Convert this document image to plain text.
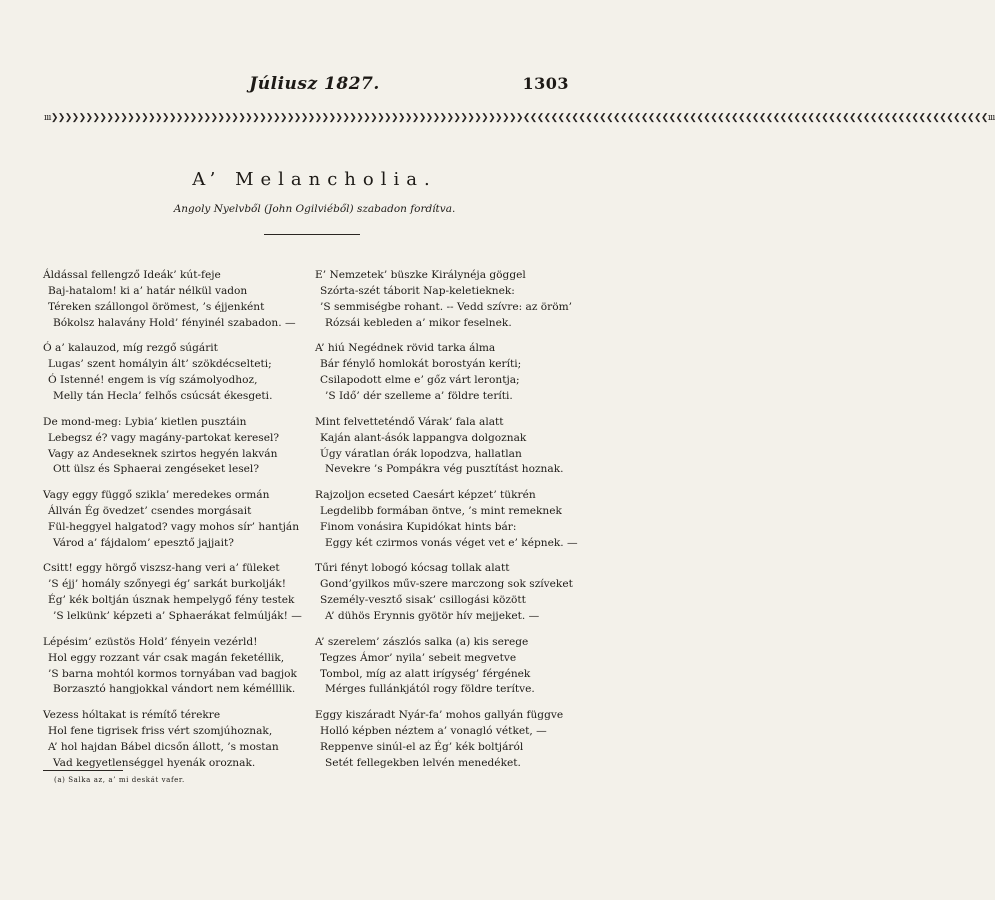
Júliusz 1827.	1303
ııı❯❯❯❯❯❯❯❯❯❯❯❯❯❯❯❯❯❯❯❯❯❯❯❯❯❯❯❯❯❯❯❯❯❯❯❯❯❯❯❯❯❯❯❯❯❯❯❯❯❯❯❯❯❯❯❯❯❯❯❯❯❯❯❯❯❯❯❯❮❮❮❮❮❮❮❮❮❮❮❮❮❮❮❮❮❮❮❮❮❮❮❮❮❮❮❮❮❮❮❮❮❮❮❮❮❮❮❮❮❮❮❮❮❮❮❮❮❮❮❮❮❮❮❮❮❮❮❮❮❮❮❮❮❮❮ııı
A’ Melancholia.
Angoly Nyelvből (John Ogilviéből) szabadon fordítva.
Áldással fellengző Ideák’ kút-feje
Baj-hatalom! ki a’ határ nélkül vadon
Téreken szállongol örömest, ’s éjjenként
Bókolsz halavány Hold’ fényinél szabadon. —
Ó a’ kalauzod, míg rezgő súgárit
Lugas’ szent homályin ált’ szökdécselteti;
Ó Istenné! engem is víg számolyodhoz,
Melly tán Hecla’ felhős csúcsát ékesgeti.
De mond-meg: Lybia’ kietlen pusztáin
Lebegsz é? vagy magány-partokat keresel?
Vagy az Andeseknek szirtos hegyén lakván
Ott ülsz és Sphaerai zengéseket lesel?
Vagy eggy függő szikla’ meredekes ormán
Állván Ég övedzet’ csendes morgásait
Fül-heggyel halgatod? vagy mohos sír’ hantján
Várod a’ fájdalom’ epesztő jajjait?
Csitt! eggy hörgő viszsz-hang veri a’ füleket
’S éjj’ homály szőnyegi ég’ sarkát burkolják!
Ég’ kék boltján úsznak hempelygő fény testek
’S lelkünk’ képzeti a’ Sphaerákat felmúlják! —
Lépésim’ ezüstös Hold’ fényein vezérld!
Hol eggy rozzant vár csak magán feketéllik,
’S barna mohtól kormos tornyában vad bagjok
Borzasztó hangjokkal vándort nem kémélllik.
Vezess hóltakat is rémítő térekre
Hol fene tigrisek friss vért szomjúhoznak,
A’ hol hajdan Bábel dicsőn állott, ’s mostan
Vad kegyetlenséggel hyenák oroznak.
E’ Nemzetek’ büszke Királynéja göggel
Szórta-szét táborit Nap-keletieknek:
’S semmiségbe rohant. -- Vedd szívre: az öröm’
Rózsái kebleden a’ mikor feselnek.
A’ hiú Negédnek rövid tarka álma
Bár fénylő homlokát borostyán keríti;
Csilapodott elme e’ gőz várt lerontja;
’S Idő’ dér szelleme a’ földre teríti.
Mint felvetteténdő Várak’ fala alatt
Kaján alant-ásók lappangva dolgoznak
Úgy váratlan órák lopodzva, hallatlan
Nevekre ’s Pompákra vég pusztítást hoznak.
Rajzoljon ecseted Caesárt képzet’ tükrén
Legdelibb formában öntve, ’s mint remeknek
Finom vonásira Kupidókat hints bár:
Eggy két czirmos vonás véget vet e’ képnek. —
Tűri fényt lobogó kócsag tollak alatt
Gond’gyilkos műv-szere marczong sok szíveket
Személy-vesztő sisak’ csillogási között
A’ dühös Erynnis gyötör hív mejjeket. —
A’ szerelem’ zászlós salka (a) kis serege
Tegzes Ámor’ nyila’ sebeit megvetve
Tombol, míg az alatt irígység’ férgének
Mérges fullánkjától rogy földre terítve.
Eggy kiszáradt Nyár-fa’ mohos gallyán függve
Holló képben néztem a’ vonagló vétket, —
Reppenve sinúl-el az Ég’ kék boltjáról
Setét fellegekben lelvén menedéket.
(a) Salka az, a’ mi deskát vafer.
